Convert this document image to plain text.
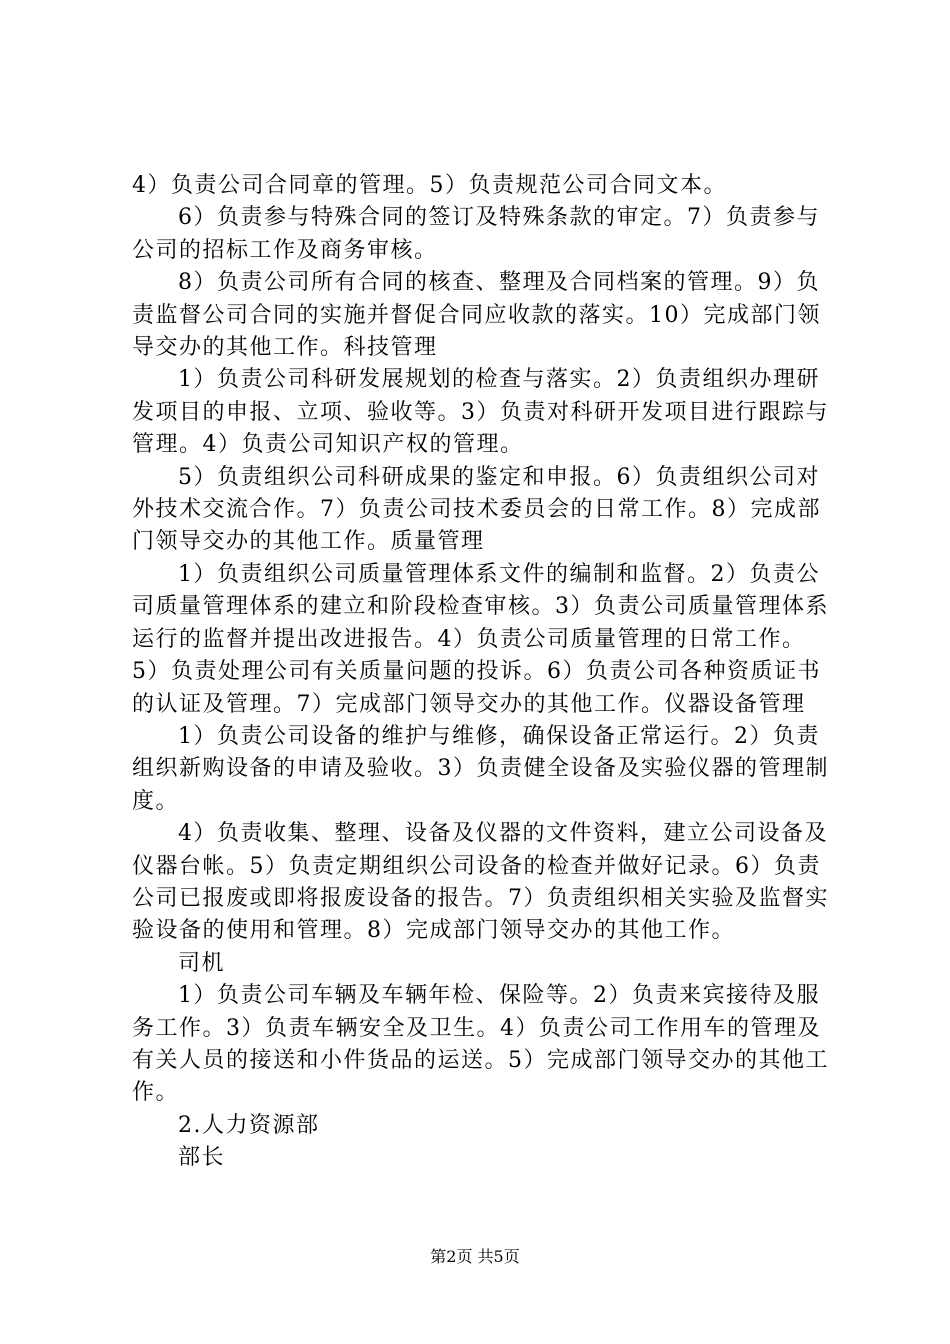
4）负责公司合同章的管理。5）负责规范公司合同文本。

6）负责参与特殊合同的签订及特殊条款的审定。7）负责参与公司的招标工作及商务审核。

8）负责公司所有合同的核查、整理及合同档案的管理。9）负责监督公司合同的实施并督促合同应收款的落实。10）完成部门领导交办的其他工作。科技管理

1）负责公司科研发展规划的检查与落实。2）负责组织办理研发项目的申报、立项、验收等。3）负责对科研开发项目进行跟踪与管理。4）负责公司知识产权的管理。

5）负责组织公司科研成果的鉴定和申报。6）负责组织公司对外技术交流合作。7）负责公司技术委员会的日常工作。8）完成部门领导交办的其他工作。质量管理

1）负责组织公司质量管理体系文件的编制和监督。2）负责公司质量管理体系的建立和阶段检查审核。3）负责公司质量管理体系运行的监督并提出改进报告。4）负责公司质量管理的日常工作。5）负责处理公司有关质量问题的投诉。6）负责公司各种资质证书的认证及管理。7）完成部门领导交办的其他工作。仪器设备管理

1）负责公司设备的维护与维修，确保设备正常运行。2）负责组织新购设备的申请及验收。3）负责健全设备及实验仪器的管理制度。

4）负责收集、整理、设备及仪器的文件资料，建立公司设备及仪器台帐。5）负责定期组织公司设备的检查并做好记录。6）负责公司已报废或即将报废设备的报告。7）负责组织相关实验及监督实验设备的使用和管理。8）完成部门领导交办的其他工作。

司机

1）负责公司车辆及车辆年检、保险等。2）负责来宾接待及服务工作。3）负责车辆安全及卫生。4）负责公司工作用车的管理及有关人员的接送和小件货品的运送。5）完成部门领导交办的其他工作。

2.人力资源部

部长

第2页 共5页
